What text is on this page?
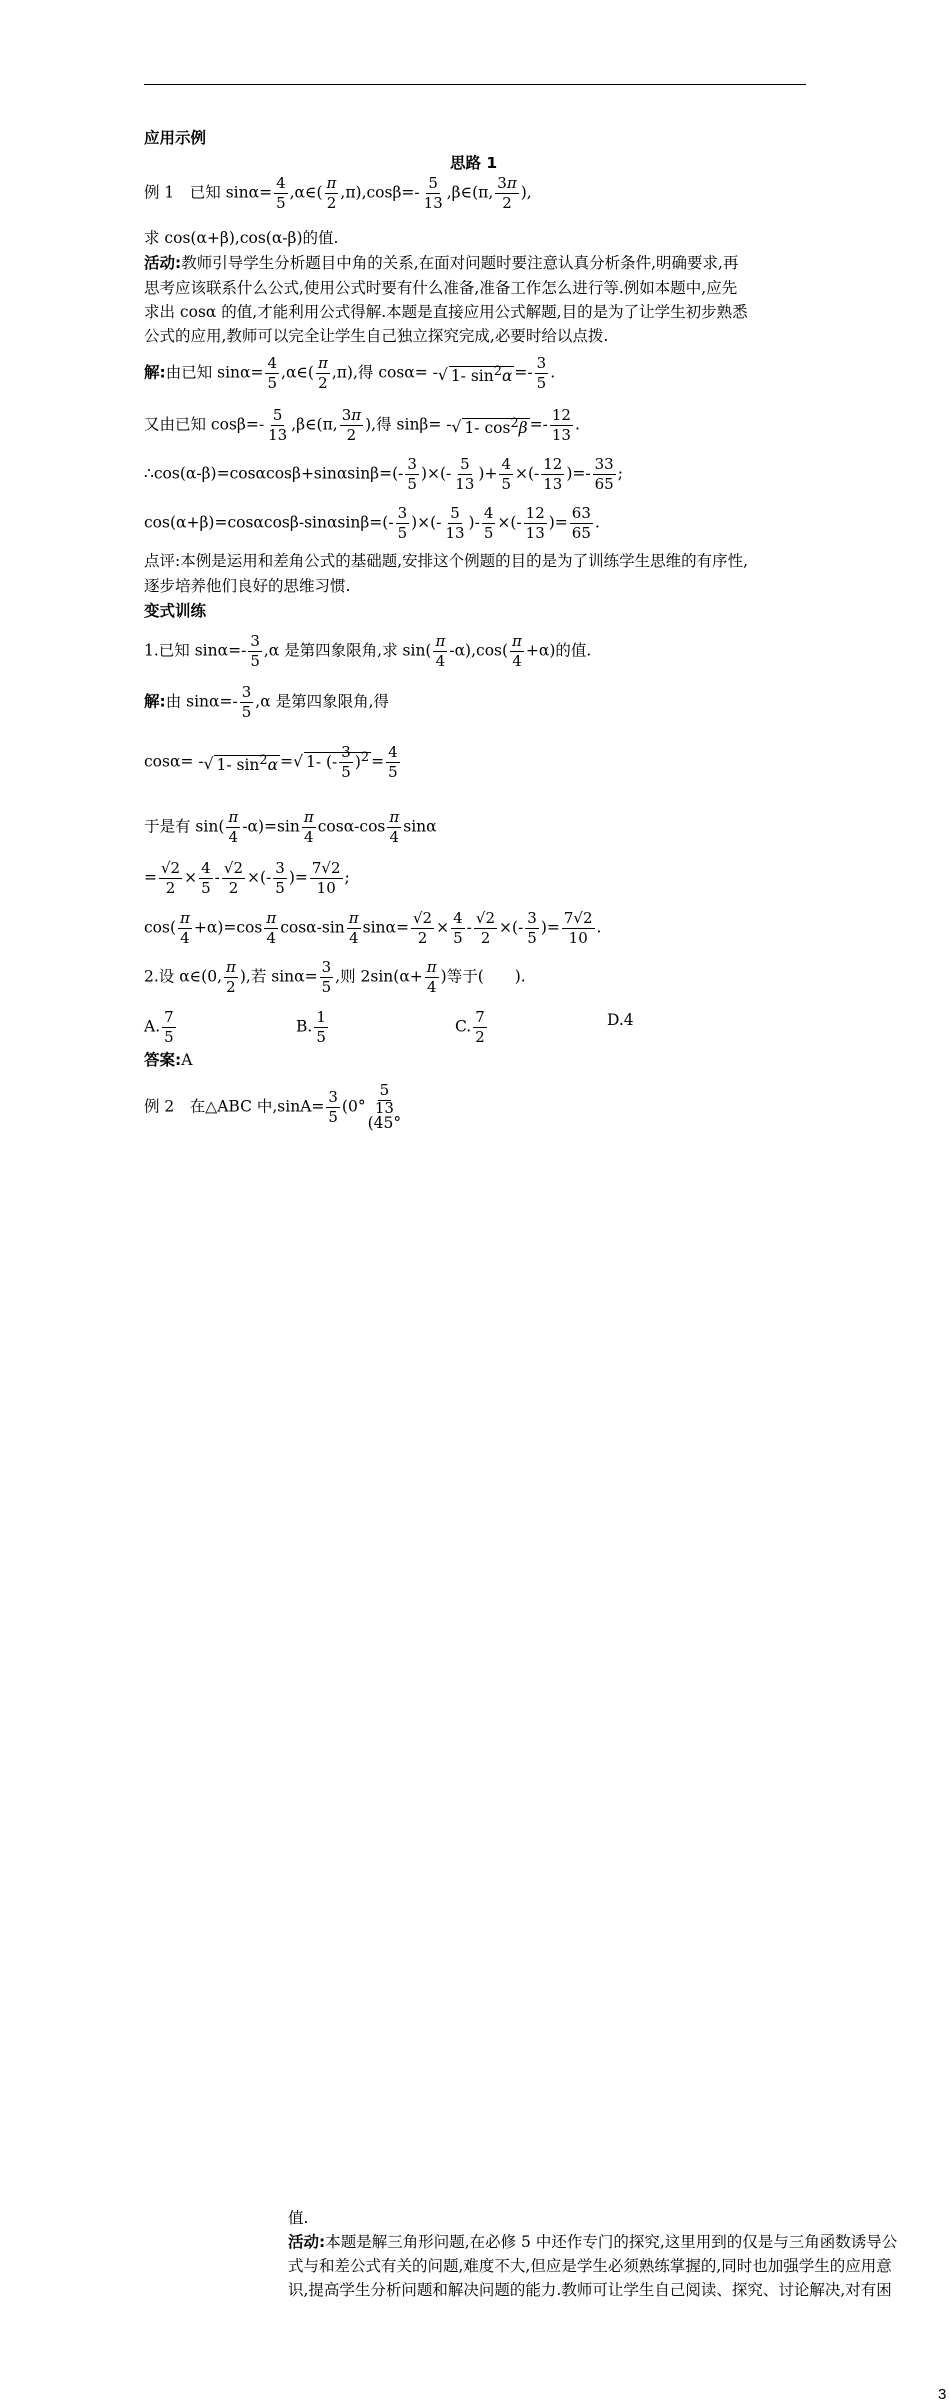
应用示例
思路 1
例 1　已知 $\sin\alpha= \frac{4}{5}$ ,α∈( $\frac{\pi}{2} ,\pi),\cos\beta=- \frac{5}{13}$ ,β∈(π, $\frac{3\pi}{2}$ ),
求 cos(α+β),cos(α-β)的值.
活动:教师引导学生分析题目中角的关系,在面对问题时要注意认真分析条件,明确要求,再
思考应该联系什么公式,使用公式时要有什么准备,准备工作怎么进行等.例如本题中,应先
求出 cosα 的值,才能利用公式得解.本题是直接应用公式解题,目的是为了让学生初步熟悉
公式的应用,教师可以完全让学生自己独立探究完成,必要时给以点拨.
解:由已知 $\sin\alpha= \frac{4}{5}$ ,α∈( $\frac{\pi}{2} ,\pi$),得 cosα= -√ 1- $\sin^2\alpha =- \frac{3}{5}$ .
又由已知 $\cos\beta=- \frac{5}{13}$ ,β∈(π, $\frac{3\pi}{2}$ ),得 sinβ= -√ 1- $\cos^2\beta =- \frac{12}{13}$ .
∴cos(α-β)=cosαcosβ+sinαsinβ=(- $\frac{3}{5}$ )×(- $\frac{5}{13}$ )+ $\frac{4}{5}$ ×(- $\frac{12}{13}$ )=- $\frac{33}{65}$ ;
$\cos(\alpha+\beta)=\cos\alpha\cos\beta-\sin\alpha\sin\beta=(- \frac{3}{5}$ )×(- $\frac{5}{13}$ )- $\frac{4}{5}$ ×(- $\frac{12}{13}$ )= $\frac{63}{65}$ .
点评:本例是运用和差角公式的基础题,安排这个例题的目的是为了训练学生思维的有序性,
逐步培养他们良好的思维习惯.
变式训练
1.已知 $\sin\alpha=- \frac{3}{5} ,\alpha$ 是第四象限角,求 $\sin( \frac{\pi}{4} -\alpha),\cos( \frac{\pi}{4} +\alpha)$的值.
解:由 $\sin\alpha=- \frac{3}{5} ,\alpha$ 是第四象限角,得
cosα= -√ 1- $\sin^2\alpha$ =√ 1- (- $\frac{3}{5} )^2 = \frac{4}{5}$
于是有 $\sin( \frac{\pi}{4} -\alpha)=\sin \frac{\pi}{4} \cos\alpha-\cos \frac{\pi}{4}$ sinα
= $\frac{√2}{2} \times \frac{4}{5} - \frac{√2}{2}$ ×(- $\frac{3}{5}$ )= $\frac{7√2}{10}$ ;
$\cos( \frac{\pi}{4} +\alpha)=\cos \frac{\pi}{4} \cos\alpha-\sin \frac{\pi}{4} \sin\alpha= \frac{√2}{2} \times \frac{4}{5} - \frac{√2}{2}$ ×(- $\frac{3}{5}$ )= $\frac{7√2}{10}$ .
2.设 α∈(0, $\frac{\pi}{2}$ ),若 $\sin\alpha= \frac{3}{5}$ ,则 $2\sin(\alpha+ \frac{\pi}{4}$ )等于(　　).
A. $\frac{7}{5}$	B. $\frac{1}{5}$	C. $\frac{7}{2}$	D.4
答案:A
例 2　在△ABC 中$,\sin A= \frac{3}{5} (0^\circ$
5
13
(45°
值.
活动:本题是解三角形问题,在必修 5 中还作专门的探究,这里用到的仅是与三角函数诱导公
式与和差公式有关的问题,难度不大,但应是学生必须熟练掌握的,同时也加强学生的应用意
识,提高学生分析问题和解决问题的能力.教师可让学生自己阅读、探究、讨论解决,对有困
3
